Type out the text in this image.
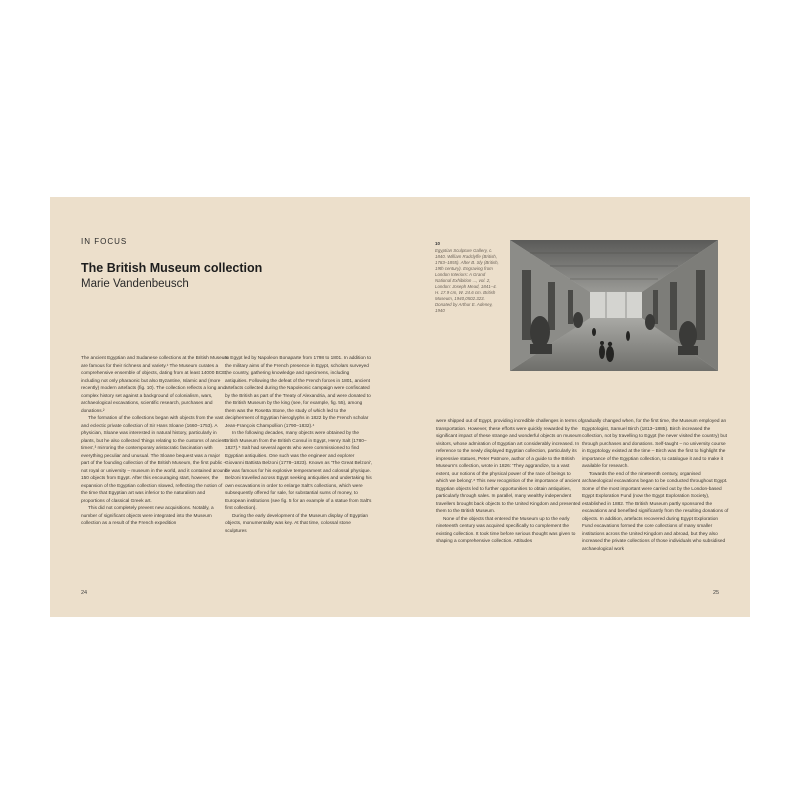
IN FOCUS
The British Museum collection
Marie Vandenbeusch
10
Egyptian Sculpture Gallery, c. 1840. William Radclyffe (British, 1783–1855). After B. Sly (British, 19th century). Engraving from London Interiors: A Grand National Exhibition ..., vol. 2, London: Joseph Mead, 1841–4. H. 17.9 cm, W. 24.6 cm. British Museum, 1940,0502.323. Donated by Arthur E. Adeney, 1940

The ancient Egyptian and Sudanese collections at the British Museum are famous for their richness and variety.¹ The Museum curates a comprehensive ensemble of objects, dating from at least 14000 BCE, including not only pharaonic but also Byzantine, Islamic and (more recently) modern artefacts (fig. 10). The collection reflects a long and complex history set against a background of colonialism, wars, archaeological excavations, scientific research, purchases and donations.²

The formation of the collections began with objects from the vast and eclectic private collection of Sir Hans Sloane (1660–1753). A physician, Sloane was interested in natural history, particularly in plants, but he also collected 'things relating to the customs of ancient times',³ mirroring the contemporary aristocratic fascination with everything peculiar and unusual. The Sloane bequest was a major part of the founding collection of the British Museum, the first public – not royal or university – museum in the world, and it contained around 150 objects from Egypt. After this encouraging start, however, the expansion of the Egyptian collection slowed, reflecting the notion of the time that Egyptian art was inferior to the naturalism and proportions of classical Greek art.

This did not completely prevent new acquisitions. Notably, a number of significant objects were integrated into the Museum collection as a result of the French expedition

to Egypt led by Napoleon Bonaparte from 1798 to 1801. In addition to the military aims of the French presence in Egypt, scholars surveyed the country, gathering knowledge and specimens, including antiquities. Following the defeat of the French forces in 1801, ancient artefacts collected during the Napoleonic campaign were confiscated by the British as part of the Treaty of Alexandria, and were donated to the British Museum by the king (see, for example, fig. 55), among them was the Rosetta Stone, the study of which led to the decipherment of Egyptian hieroglyphs in 1822 by the French scholar Jean-François Champollion (1790–1832).⁴

In the following decades, many objects were obtained by the British Museum from the British Consul in Egypt, Henry Salt (1780–1827).⁵ Salt had several agents who were commissioned to find Egyptian antiquities. One such was the engineer and explorer Giovanni Battista Belzoni (1778–1823). Known as 'The Great Belzoni', he was famous for his explosive temperament and colossal physique. Belzoni travelled across Egypt seeking antiquities and undertaking his own excavations in order to enlarge Salt's collections, which were subsequently offered for sale, for substantial sums of money, to European institutions (see fig. 5 for an example of a statue from Salt's first collection).

During the early development of the Museum display of Egyptian objects, monumentality was key. At that time, colossal stone sculptures

were shipped out of Egypt, providing incredible challenges in terms of transportation. However, these efforts were quickly rewarded by the significant impact of these strange and wonderful objects on museum visitors, whose admiration of Egyptian art considerably increased. In reference to the newly displayed Egyptian collection, particularly its impressive statues, Peter Patmore, author of a guide to the British Museum's collection, wrote in 1826: 'They aggrandize, to a vast extent, our notions of the physical power of the race of beings to which we belong'.⁶ This new recognition of the importance of ancient Egyptian objects led to further opportunities to obtain antiquities, particularly through sales. In parallel, many wealthy independent travellers brought back objects to the United Kingdom and presented them to the British Museum.

None of the objects that entered the Museum up to the early nineteenth century was acquired specifically to complement the existing collection. It took time before serious thought was given to shaping a comprehensive collection. Attitudes

gradually changed when, for the first time, the Museum employed an Egyptologist, Samuel Birch (1813–1885). Birch increased the collection, not by travelling to Egypt (he never visited the country) but through purchases and donations. Self-taught – no university course in Egyptology existed at the time – Birch was the first to highlight the importance of the Egyptian collection, to catalogue it and to make it available for research.

Towards the end of the nineteenth century, organised archaeological excavations began to be conducted throughout Egypt. Some of the most important were carried out by the London-based Egypt Exploration Fund (now the Egypt Exploration Society), established in 1882. The British Museum partly sponsored the excavations and benefited significantly from the resulting donations of objects. In addition, artefacts recovered during Egypt Exploration Fund excavations formed the core collections of many smaller institutions across the United Kingdom and abroad, but they also increased the private collections of those individuals who subsidised archaeological work

24	25
